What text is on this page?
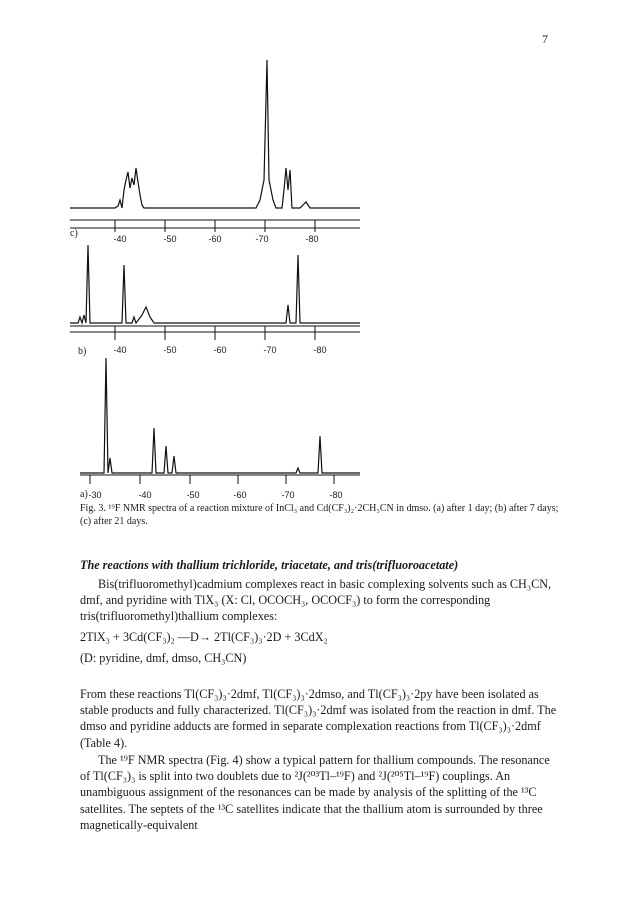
7
c)	-40	-50	-60	-70	-80
b)	-40	-50	-60	-70	-80
a) -30	-40	-50	-60	-70	-80
Fig. 3. ¹⁹F NMR spectra of a reaction mixture of InCl₃ and Cd(CF₃)₂·2CH₃CN in dmso. (a) after 1 day; (b) after 7 days; (c) after 21 days.
The reactions with thallium trichloride, triacetate, and tris(trifluoroacetate)

Bis(trifluoromethyl)cadmium complexes react in basic complexing solvents such as CH₃CN, dmf, and pyridine with TlX₃ (X: Cl, OCOCH₃, OCOCF₃) to form the corresponding tris(trifluoromethyl)thallium complexes:

2TlX₃ + 3Cd(CF₃)₂ —D→ 2Tl(CF₃)₃·2D + 3CdX₂
(D: pyridine, dmf, dmso, CH₃CN)

From these reactions Tl(CF₃)₃·2dmf, Tl(CF₃)₃·2dmso, and Tl(CF₃)₃·2py have been isolated as stable products and fully characterized. Tl(CF₃)₃·2dmf was isolated from the reaction in dmf. The dmso and pyridine adducts are formed in separate complexation reactions from Tl(CF₃)₃·2dmf (Table 4).

The ¹⁹F NMR spectra (Fig. 4) show a typical pattern for thallium compounds. The resonance of Tl(CF₃)₃ is split into two doublets due to ²J(²⁰³Tl–¹⁹F) and ²J(²⁰⁵Tl–¹⁹F) couplings. An unambiguous assignment of the resonances can be made by analysis of the splitting of the ¹³C satellites. The septets of the ¹³C satellites indicate that the thallium atom is surrounded by three magnetically-equivalent
